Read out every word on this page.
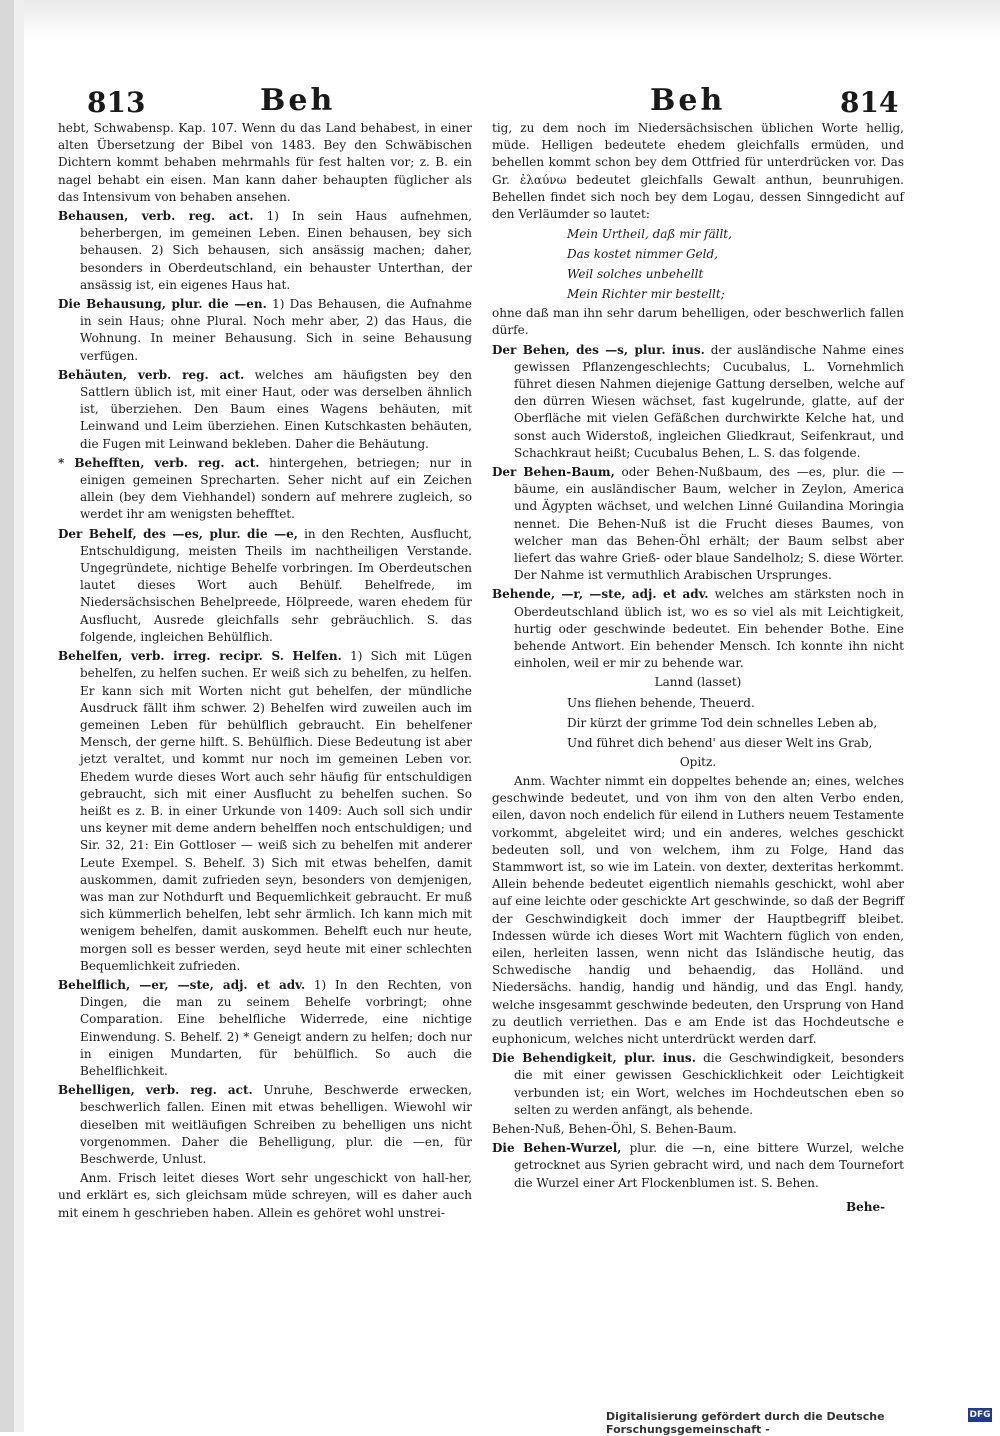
813	Beh	Beh	814

hebt, Schwabensp. Kap. 107. Wenn du das Land behabest, in einer alten Übersetzung der Bibel von 1483. Bey den Schwäbischen Dichtern kommt behaben mehrmahls für fest halten vor; z. B. ein nagel behabt ein eisen. Man kann daher behaupten füglicher als das Intensivum von behaben ansehen.

Behausen, verb. reg. act. 1) In sein Haus aufnehmen, beherbergen, im gemeinen Leben. Einen behausen, bey sich behausen. 2) Sich behausen, sich ansässig machen; daher, besonders in Oberdeutschland, ein behauster Unterthan, der ansässig ist, ein eigenes Haus hat.

Die Behausung, plur. die —en. 1) Das Behausen, die Aufnahme in sein Haus; ohne Plural. Noch mehr aber, 2) das Haus, die Wohnung. In meiner Behausung. Sich in seine Behausung verfügen.

Behäuten, verb. reg. act. welches am häufigsten bey den Sattlern üblich ist, mit einer Haut, oder was derselben ähnlich ist, überziehen. Den Baum eines Wagens behäuten, mit Leinwand und Leim überziehen. Einen Kutschkasten behäuten, die Fugen mit Leinwand bekleben. Daher die Behäutung.

* Behefften, verb. reg. act. hintergehen, betriegen; nur in einigen gemeinen Sprecharten. Seher nicht auf ein Zeichen allein (bey dem Viehhandel) sondern auf mehrere zugleich, so werdet ihr am wenigsten behefftet.

Der Behelf, des —es, plur. die —e, in den Rechten, Ausflucht, Entschuldigung, meisten Theils im nachtheiligen Verstande. Ungegründete, nichtige Behelfe vorbringen. Im Oberdeutschen lautet dieses Wort auch Behülf. Behelfrede, im Niedersächsischen Behelpreede, Hölpreede, waren ehedem für Ausflucht, Ausrede gleichfalls sehr gebräuchlich. S. das folgende, ingleichen Behülflich.

Behelfen, verb. irreg. recipr. S. Helfen. 1) Sich mit Lügen behelfen, zu helfen suchen. Er weiß sich zu behelfen, zu helfen. Er kann sich mit Worten nicht gut behelfen, der mündliche Ausdruck fällt ihm schwer. 2) Behelfen wird zuweilen auch im gemeinen Leben für behülflich gebraucht. Ein behelfener Mensch, der gerne hilft. S. Behülflich. Diese Bedeutung ist aber jetzt veraltet, und kommt nur noch im gemeinen Leben vor. Ehedem wurde dieses Wort auch sehr häufig für entschuldigen gebraucht, sich mit einer Ausflucht zu behelfen suchen. So heißt es z. B. in einer Urkunde von 1409: Auch soll sich undir uns keyner mit deme andern behelffen noch entschuldigen; und Sir. 32, 21: Ein Gottloser — weiß sich zu behelfen mit anderer Leute Exempel. S. Behelf. 3) Sich mit etwas behelfen, damit auskommen, damit zufrieden seyn, besonders von demjenigen, was man zur Nothdurft und Bequemlichkeit gebraucht. Er muß sich kümmerlich behelfen, lebt sehr ärmlich. Ich kann mich mit wenigem behelfen, damit auskommen. Behelft euch nur heute, morgen soll es besser werden, seyd heute mit einer schlechten Bequemlichkeit zufrieden.

Behelflich, —er, —ste, adj. et adv. 1) In den Rechten, von Dingen, die man zu seinem Behelfe vorbringt; ohne Comparation. Eine behelfliche Widerrede, eine nichtige Einwendung. S. Behelf. 2) * Geneigt andern zu helfen; doch nur in einigen Mundarten, für behülflich. So auch die Behelflichkeit.

Behelligen, verb. reg. act. Unruhe, Beschwerde erwecken, beschwerlich fallen. Einen mit etwas behelligen. Wiewohl wir dieselben mit weitläufigen Schreiben zu behelligen uns nicht vorgenommen. Daher die Behelligung, plur. die —en, für Beschwerde, Unlust.

Anm. Frisch leitet dieses Wort sehr ungeschickt von hall-her, und erklärt es, sich gleichsam müde schreyen, will es daher auch mit einem h geschrieben haben. Allein es gehöret wohl unstrei-

tig, zu dem noch im Niedersächsischen üblichen Worte hellig, müde. Helligen bedeutete ehedem gleichfalls ermüden, und behellen kommt schon bey dem Ottfried für unterdrücken vor. Das Gr. ἐλαύνω bedeutet gleichfalls Gewalt anthun, beunruhigen. Behellen findet sich noch bey dem Logau, dessen Sinngedicht auf den Verläumder so lautet:

Mein Urtheil, daß mir fällt,

Das kostet nimmer Geld,

Weil solches unbehellt

Mein Richter mir bestellt;

ohne daß man ihn sehr darum behelligen, oder beschwerlich fallen dürfe.

Der Behen, des —s, plur. inus. der ausländische Nahme eines gewissen Pflanzengeschlechts; Cucubalus, L. Vornehmlich führet diesen Nahmen diejenige Gattung derselben, welche auf den dürren Wiesen wächset, fast kugelrunde, glatte, auf der Oberfläche mit vielen Gefäßchen durchwirkte Kelche hat, und sonst auch Widerstoß, ingleichen Gliedkraut, Seifenkraut, und Schachkraut heißt; Cucubalus Behen, L. S. das folgende.

Der Behen-Baum, oder Behen-Nußbaum, des —es, plur. die —bäume, ein ausländischer Baum, welcher in Zeylon, America und Ägypten wächset, und welchen Linné Guilandina Moringia nennet. Die Behen-Nuß ist die Frucht dieses Baumes, von welcher man das Behen-Öhl erhält; der Baum selbst aber liefert das wahre Grieß- oder blaue Sandelholz; S. diese Wörter. Der Nahme ist vermuthlich Arabischen Ursprunges.

Behende, —r, —ste, adj. et adv. welches am stärksten noch in Oberdeutschland üblich ist, wo es so viel als mit Leichtigkeit, hurtig oder geschwinde bedeutet. Ein behender Bothe. Eine behende Antwort. Ein behender Mensch. Ich konnte ihn nicht einholen, weil er mir zu behende war.

Lannd (lasset)

Uns fliehen behende, Theuerd.

Dir kürzt der grimme Tod dein schnelles Leben ab,

Und führet dich behend' aus dieser Welt ins Grab,

Opitz.

Anm. Wachter nimmt ein doppeltes behende an; eines, welches geschwinde bedeutet, und von ihm von den alten Verbo enden, eilen, davon noch endelich für eilend in Luthers neuem Testamente vorkommt, abgeleitet wird; und ein anderes, welches geschickt bedeuten soll, und von welchem, ihm zu Folge, Hand das Stammwort ist, so wie im Latein. von dexter, dexteritas herkommt. Allein behende bedeutet eigentlich niemahls geschickt, wohl aber auf eine leichte oder geschickte Art geschwinde, so daß der Begriff der Geschwindigkeit doch immer der Hauptbegriff bleibet. Indessen würde ich dieses Wort mit Wachtern füglich von enden, eilen, herleiten lassen, wenn nicht das Isländische heutig, das Schwedische handig und behaendig, das Holländ. und Niedersächs. handig, handig und händig, und das Engl. handy, welche insgesammt geschwinde bedeuten, den Ursprung von Hand zu deutlich verriethen. Das e am Ende ist das Hochdeutsche e euphonicum, welches nicht unterdrückt werden darf.

Die Behendigkeit, plur. inus. die Geschwindigkeit, besonders die mit einer gewissen Geschicklichkeit oder Leichtigkeit verbunden ist; ein Wort, welches im Hochdeutschen eben so selten zu werden anfängt, als behende.

Behen-Nuß, Behen-Öhl, S. Behen-Baum.

Die Behen-Wurzel, plur. die —n, eine bittere Wurzel, welche getrocknet aus Syrien gebracht wird, und nach dem Tournefort die Wurzel einer Art Flockenblumen ist. S. Behen.

Behe-
Digitalisierung gefördert durch die Deutsche Forschungsgemeinschaft -
DFG
